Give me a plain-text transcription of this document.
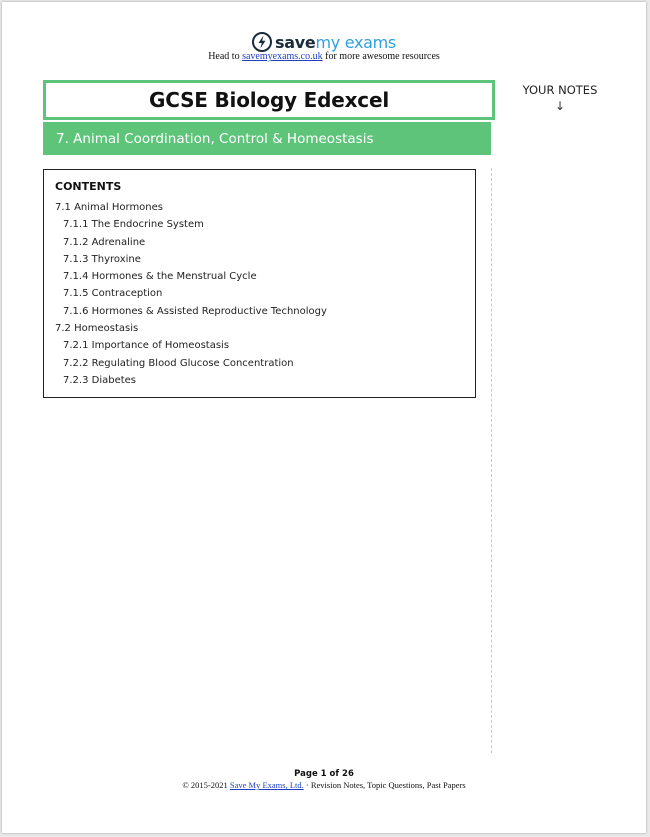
savemy exams
Head to savemyexams.co.uk for more awesome resources
GCSE Biology Edexcel
7. Animal Coordination, Control & Homeostasis
YOUR NOTES
↓
CONTENTS
7.1 Animal Hormones
7.1.1 The Endocrine System
7.1.2 Adrenaline
7.1.3 Thyroxine
7.1.4 Hormones & the Menstrual Cycle
7.1.5 Contraception
7.1.6 Hormones & Assisted Reproductive Technology
7.2 Homeostasis
7.2.1 Importance of Homeostasis
7.2.2 Regulating Blood Glucose Concentration
7.2.3 Diabetes
Page 1 of 26
© 2015-2021 Save My Exams, Ltd. · Revision Notes, Topic Questions, Past Papers
